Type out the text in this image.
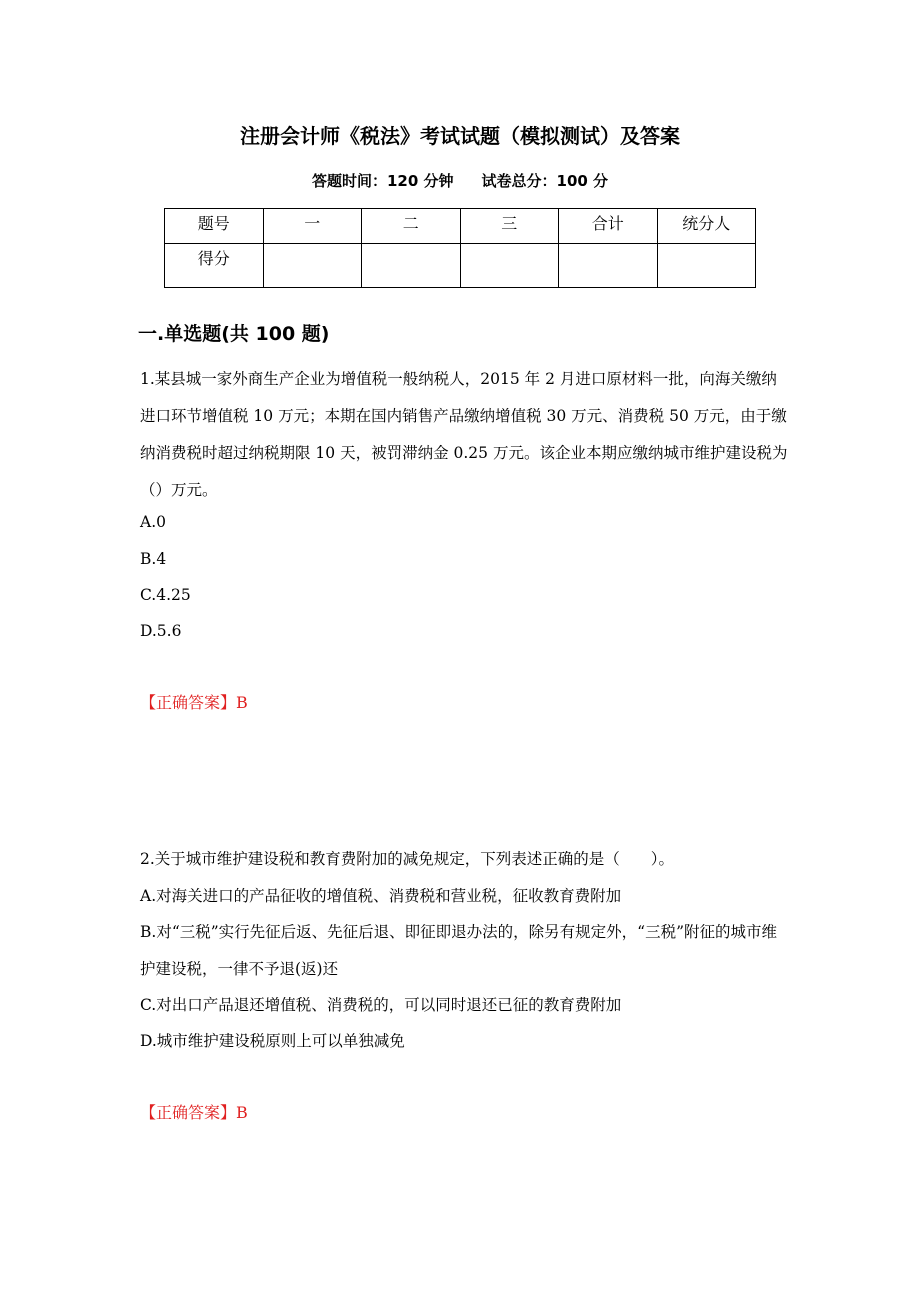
注册会计师《税法》考试试题（模拟测试）及答案
答题时间：120 分钟 试卷总分：100 分
题号	一	二	三	合计	统分人
得分					
一.单选题(共 100 题)

1.某县城一家外商生产企业为增值税一般纳税人，2015 年 2 月进口原材料一批，向海关缴纳进口环节增值税 10 万元；本期在国内销售产品缴纳增值税 30 万元、消费税 50 万元，由于缴纳消费税时超过纳税期限 10 天，被罚滞纳金 0.25 万元。该企业本期应缴纳城市维护建设税为（）万元。

A.0
B.4
C.4.25
D.5.6
【正确答案】B

2.关于城市维护建设税和教育费附加的减免规定，下列表述正确的是（　　）。

A.对海关进口的产品征收的增值税、消费税和营业税，征收教育费附加

B.对“三税”实行先征后返、先征后退、即征即退办法的，除另有规定外，“三税”附征的城市维护建设税，一律不予退(返)还

C.对出口产品退还增值税、消费税的，可以同时退还已征的教育费附加
D.城市维护建设税原则上可以单独减免
【正确答案】B
